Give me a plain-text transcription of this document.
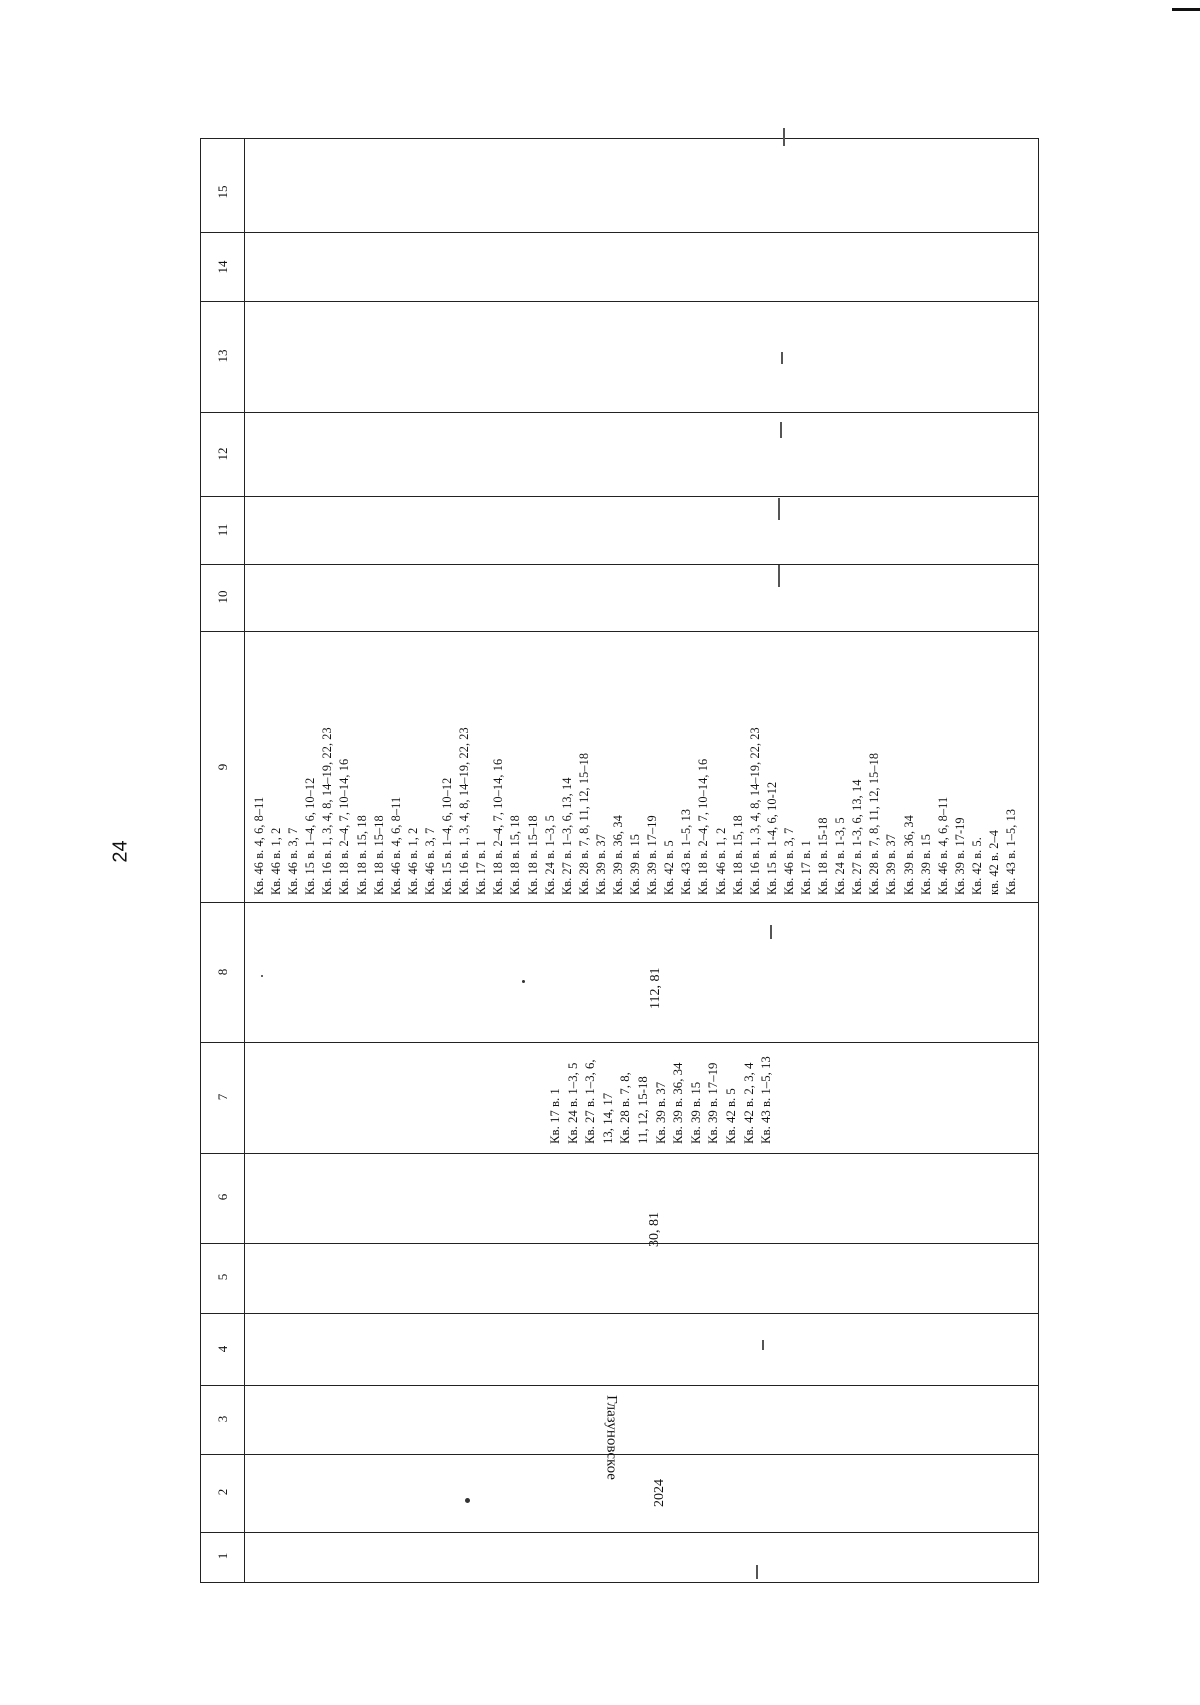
24
15
14
13
12
11
10
9
8
7
6
5
4
3
2
1
Кв. 46 в. 4, 6, 8–11 Кв. 46 в. 1, 2 Кв. 46 в. 3, 7 Кв. 15 в. 1–4, 6, 10–12 Кв. 16 в. 1, 3, 4, 8, 14–19, 22, 23 Кв. 18 в. 2–4, 7, 10–14, 16 Кв. 18 в. 15, 18 Кв. 18 в. 15–18 Кв. 46 в. 4, 6, 8–11 Кв. 46 в. 1, 2 Кв. 46 в. 3, 7 Кв. 15 в. 1–4, 6, 10–12 Кв. 16 в. 1, 3, 4, 8, 14–19, 22, 23 Кв. 17 в. 1 Кв. 18 в. 2–4, 7, 10–14, 16 Кв. 18 в. 15, 18 Кв. 18 в. 15–18 Кв. 24 в. 1–3, 5 Кв. 27 в. 1–3, 6, 13, 14 Кв. 28 в. 7, 8, 11, 12, 15–18 Кв. 39 в. 37 Кв. 39 в. 36, 34 Кв. 39 в. 15 Кв. 39 в. 17–19 Кв. 42 в. 5 Кв. 43 в. 1–5, 13 Кв. 18 в. 2–4, 7, 10–14, 16 Кв. 46 в. 1, 2 Кв. 18 в. 15, 18 Кв. 16 в. 1, 3, 4, 8, 14–19, 22, 23 Кв. 15 в. 1-4, 6, 10-12 Кв. 46 в. 3, 7 Кв. 17 в. 1 Кв. 18 в. 15-18 Кв. 24 в. 1-3, 5 Кв. 27 в. 1-3, 6, 13, 14 Кв. 28 в. 7, 8, 11, 12, 15–18 Кв. 39 в. 37 Кв. 39 в. 36, 34 Кв. 39 в. 15 Кв. 46 в. 4, 6, 8–11 Кв. 39 в. 17-19 Кв. 42 в. 5. кв. 42 в. 2–4 Кв. 43 в. 1–5, 13
112, 81
Кв. 17 в. 1 Кв. 24 в. 1–3, 5 Кв. 27 в. 1–3, 6, 13, 14, 17 Кв. 28 в. 7, 8, 11, 12, 15-18 Кв. 39 в. 37 Кв. 39 в. 36, 34 Кв. 39 в. 15 Кв. 39 в. 17–19 Кв. 42 в. 5 Кв. 42 в. 2, 3, 4 Кв. 43 в. 1–5, 13
30, 81
Глазуновское
2024
